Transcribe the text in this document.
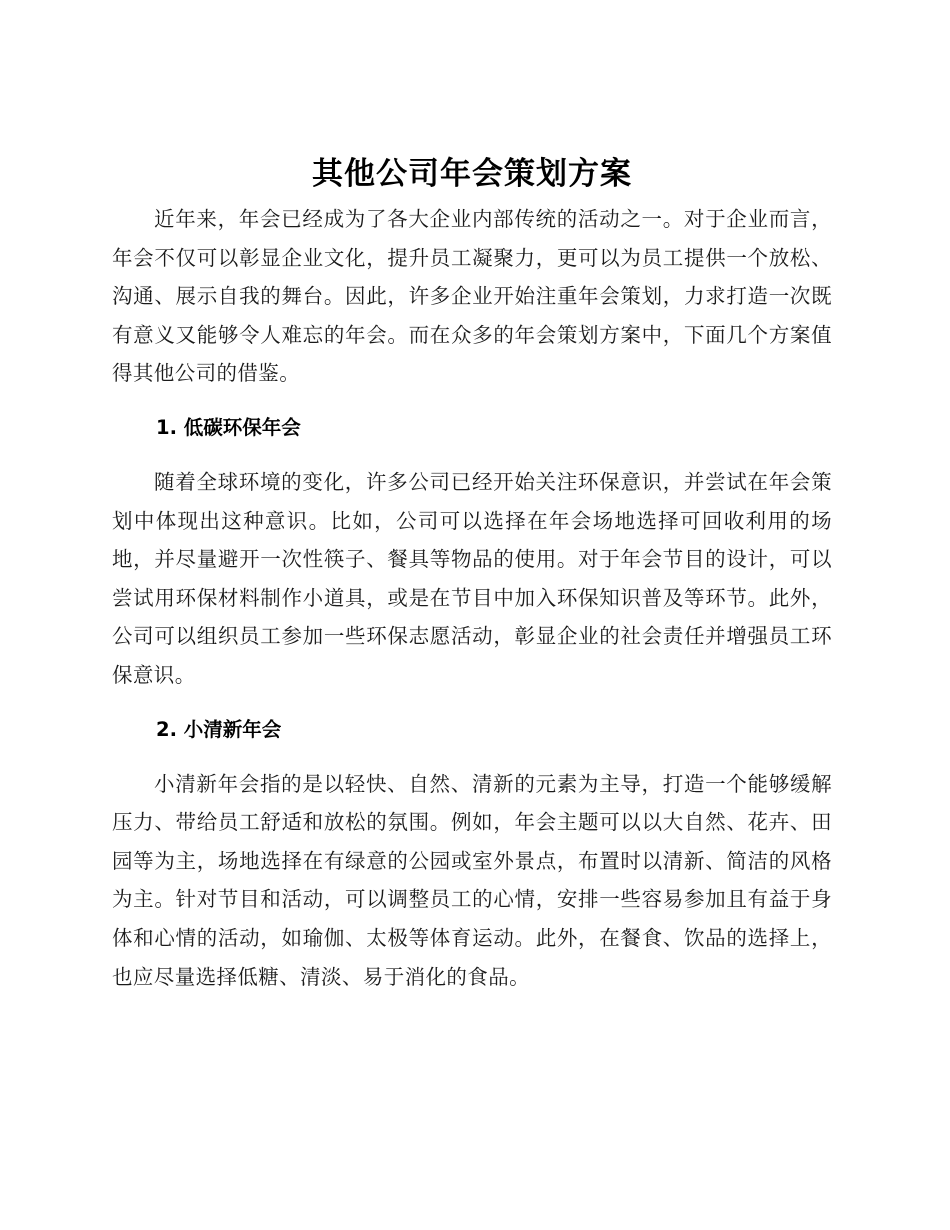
其他公司年会策划方案

近年来，年会已经成为了各大企业内部传统的活动之一。对于企业而言，年会不仅可以彰显企业文化，提升员工凝聚力，更可以为员工提供一个放松、沟通、展示自我的舞台。因此，许多企业开始注重年会策划，力求打造一次既有意义又能够令人难忘的年会。而在众多的年会策划方案中，下面几个方案值得其他公司的借鉴。

1. 低碳环保年会

随着全球环境的变化，许多公司已经开始关注环保意识，并尝试在年会策划中体现出这种意识。比如，公司可以选择在年会场地选择可回收利用的场地，并尽量避开一次性筷子、餐具等物品的使用。对于年会节目的设计，可以尝试用环保材料制作小道具，或是在节目中加入环保知识普及等环节。此外，公司可以组织员工参加一些环保志愿活动，彰显企业的社会责任并增强员工环保意识。

2. 小清新年会

小清新年会指的是以轻快、自然、清新的元素为主导，打造一个能够缓解压力、带给员工舒适和放松的氛围。例如，年会主题可以以大自然、花卉、田园等为主，场地选择在有绿意的公园或室外景点，布置时以清新、简洁的风格为主。针对节目和活动，可以调整员工的心情，安排一些容易参加且有益于身体和心情的活动，如瑜伽、太极等体育运动。此外，在餐食、饮品的选择上，也应尽量选择低糖、清淡、易于消化的食品。
